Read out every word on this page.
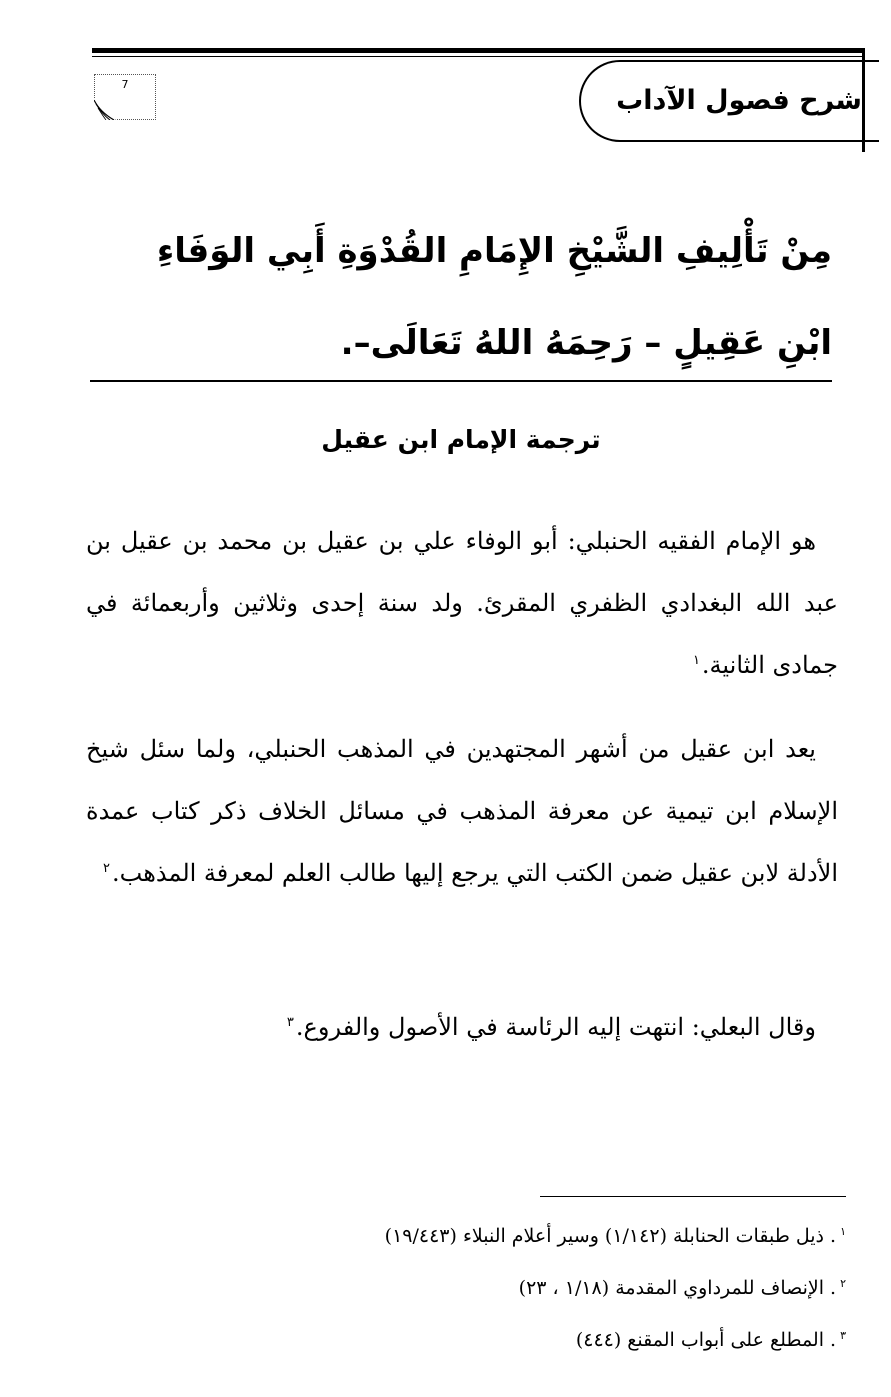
شرح فصول الآداب
7
مِنْ تَأْلِيفِ الشَّيْخِ الإِمَامِ القُدْوَةِ أَبِي الوَفَاءِ ابْنِ عَقِيلٍ – رَحِمَهُ اللهُ تَعَالَى–.
ترجمة الإمام ابن عقيل
هو الإمام الفقيه الحنبلي: أبو الوفاء علي بن عقيل بن محمد بن عقيل بن عبد الله البغدادي الظفري المقرئ. ولد سنة إحدى وثلاثين وأربعمائة في جمادى الثانية.$^١$
يعد ابن عقيل من أشهر المجتهدين في المذهب الحنبلي، ولما سئل شيخ الإسلام ابن تيمية عن معرفة المذهب في مسائل الخلاف ذكر كتاب عمدة الأدلة لابن عقيل ضمن الكتب التي يرجع إليها طالب العلم لمعرفة المذهب.$^٢$
وقال البعلي: انتهت إليه الرئاسة في الأصول والفروع.$^٣$
$^١$. ذيل طبقات الحنابلة (١/١٤٢) وسير أعلام النبلاء (١٩/٤٤٣)
$^٢$. الإنصاف للمرداوي المقدمة (١/١٨ ، ٢٣)
$^٣$. المطلع على أبواب المقنع (٤٤٤)
